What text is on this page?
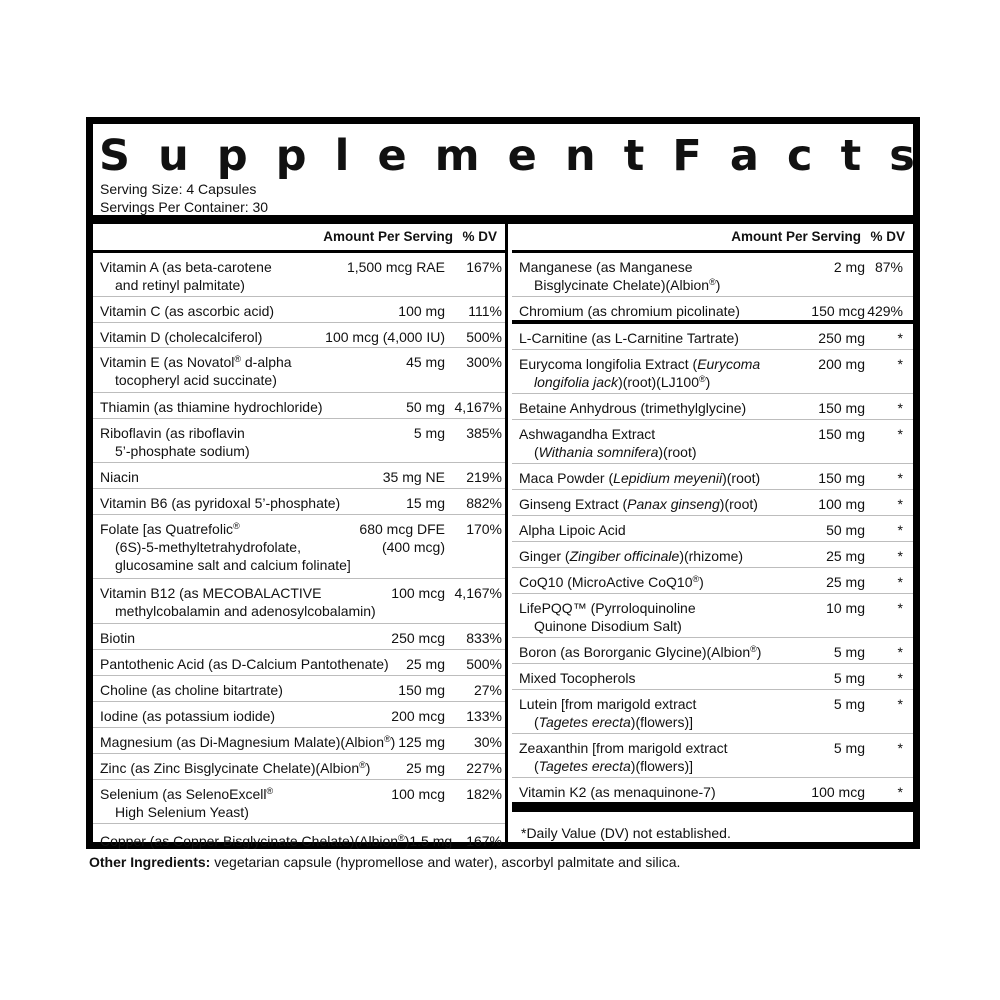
S u p p l e m e n t F a c t s
Serving Size: 4 Capsules
Servings Per Container: 30
Amount Per Serving % DV
Vitamin A (as beta-carotene
and retinyl palmitate)
1,500 mcg RAE 167%
Vitamin C (as ascorbic acid)	100 mg 111%
Vitamin D (cholecalciferol)	100 mcg (4,000 IU) 500%
Vitamin E (as Novatol® d-alpha
tocopheryl acid succinate)
45 mg 300%
Thiamin (as thiamine hydrochloride)	50 mg 4,167%
Riboflavin (as riboflavin
5’-phosphate sodium)
5 mg 385%
Niacin	35 mg NE 219%
Vitamin B6 (as pyridoxal 5’-phosphate)	15 mg 882%
Folate [as Quatrefolic®
(6S)-5-methyltetrahydrofolate,
glucosamine salt and calcium folinate]
680 mcg DFE
(400 mcg)
170%
Vitamin B12 (as MECOBALACTIVE
methylcobalamin and adenosylcobalamin)
100 mcg 4,167%
Biotin	250 mcg 833%
Pantothenic Acid (as D-Calcium Pantothenate) 25 mg 500%
Choline (as choline bitartrate)	150 mg 27%
Iodine (as potassium iodide)	200 mcg 133%
Magnesium (as Di-Magnesium Malate)(Albion®) 125 mg 30%
Zinc (as Zinc Bisglycinate Chelate)(Albion®)	25 mg 227%
Selenium (as SelenoExcell®
High Selenium Yeast)
100 mcg 182%
Copper (as Copper Bisglycinate Chelate)(Albion®)1.5 mg 167%
Amount Per Serving % DV
Manganese (as Manganese
Bisglycinate Chelate)(Albion®)
2 mg 87%
Chromium (as chromium picolinate)	150 mcg 429%
L-Carnitine (as L-Carnitine Tartrate)	250 mg *
Eurycoma longifolia Extract (Eurycoma
longifolia jack)(root)(LJ100®)
200 mg *
Betaine Anhydrous (trimethylglycine)	150 mg *
Ashwagandha Extract
(Withania somnifera)(root)
150 mg *
Maca Powder (Lepidium meyenii)(root)	150 mg *
Ginseng Extract (Panax ginseng)(root)	100 mg *
Alpha Lipoic Acid	50 mg *
Ginger (Zingiber officinale)(rhizome)	25 mg *
CoQ10 (MicroActive CoQ10®)	25 mg *
LifePQQ™ (Pyrroloquinoline
Quinone Disodium Salt)
10 mg *
Boron (as Bororganic Glycine)(Albion®)	5 mg *
Mixed Tocopherols	5 mg *
Lutein [from marigold extract
(Tagetes erecta)(flowers)]
5 mg *
Zeaxanthin [from marigold extract
(Tagetes erecta)(flowers)]
5 mg *
Vitamin K2 (as menaquinone-7)	100 mcg *
*Daily Value (DV) not established.
Other Ingredients: vegetarian capsule (hypromellose and water), ascorbyl palmitate and silica.
